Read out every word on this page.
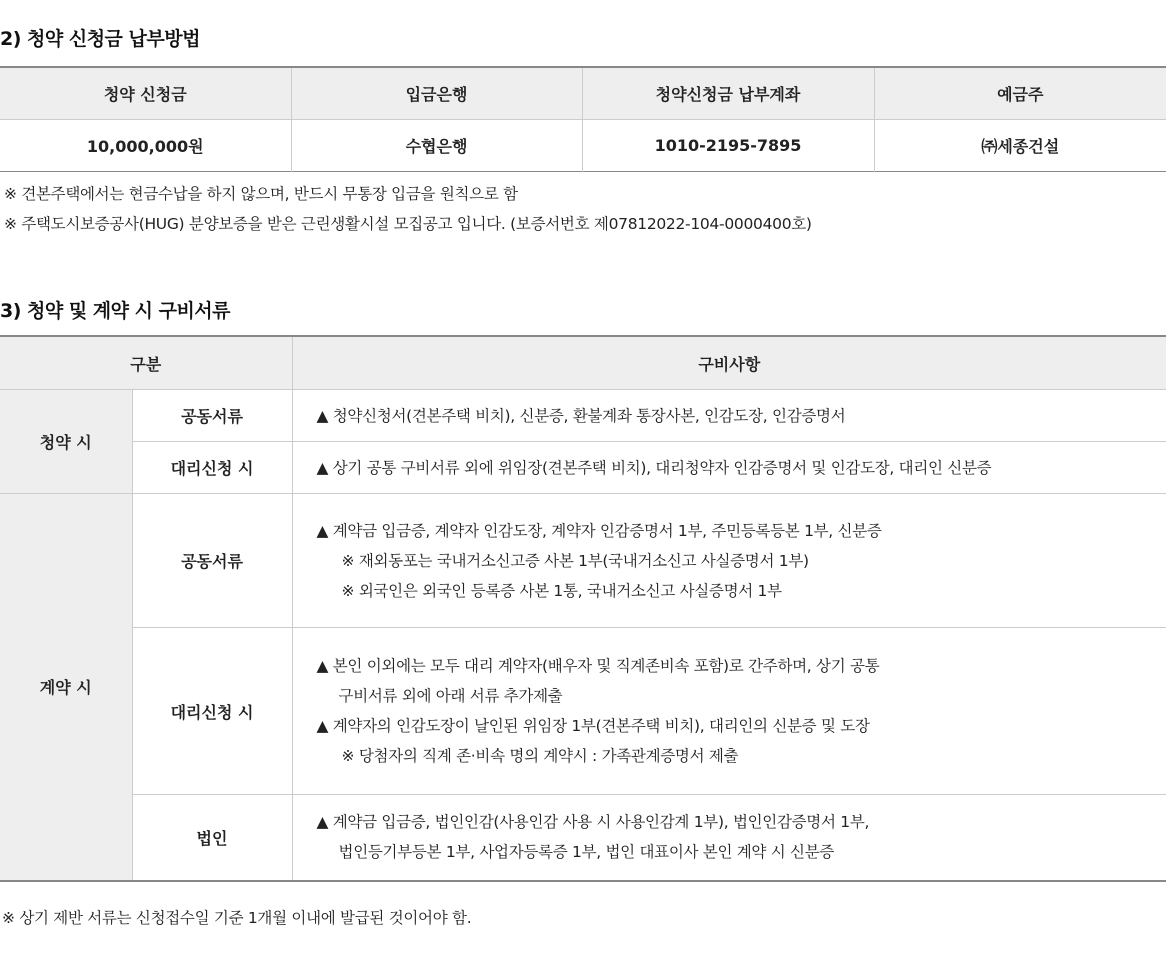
2) 청약 신청금 납부방법
청약 신청금	입금은행	청약신청금 납부계좌	예금주
10,000,000원	수협은행	1010-2195-7895	㈜세종건설
※ 견본주택에서는 현금수납을 하지 않으며, 반드시 무통장 입금을 원칙으로 함
※ 주택도시보증공사(HUG) 분양보증을 받은 근린생활시설 모집공고 입니다. (보증서번호 제07812022-104-0000400호)
3) 청약 및 계약 시 구비서류
구분		구비사항
청약 시	공동서류	▲ 청약신청서(견본주택 비치), 신분증, 환불계좌 통장사본, 인감도장, 인감증명서

	대리신청 시	▲ 상기 공통 구비서류 외에 위임장(견본주택 비치), 대리청약자 인감증명서 및 인감도장, 대리인 신분증

계약 시	공동서류	▲ 계약금 입금증, 계약자 인감도장, 계약자 인감증명서 1부, 주민등록등본 1부, 신분증
※ 재외동포는 국내거소신고증 사본 1부(국내거소신고 사실증명서 1부)
※ 외국인은 외국인 등록증 사본 1통, 국내거소신고 사실증명서 1부

	대리신청 시	▲ 본인 이외에는 모두 대리 계약자(배우자 및 직계존비속 포함)로 간주하며, 상기 공통
구비서류 외에 아래 서류 추가제출
▲ 계약자의 인감도장이 날인된 위임장 1부(견본주택 비치), 대리인의 신분증 및 도장
※ 당첨자의 직계 존·비속 명의 계약시 : 가족관계증명서 제출

	법인	▲ 계약금 입금증, 법인인감(사용인감 사용 시 사용인감계 1부), 법인인감증명서 1부,
법인등기부등본 1부, 사업자등록증 1부, 법인 대표이사 본인 계약 시 신분증
※ 상기 제반 서류는 신청접수일 기준 1개월 이내에 발급된 것이어야 함.
